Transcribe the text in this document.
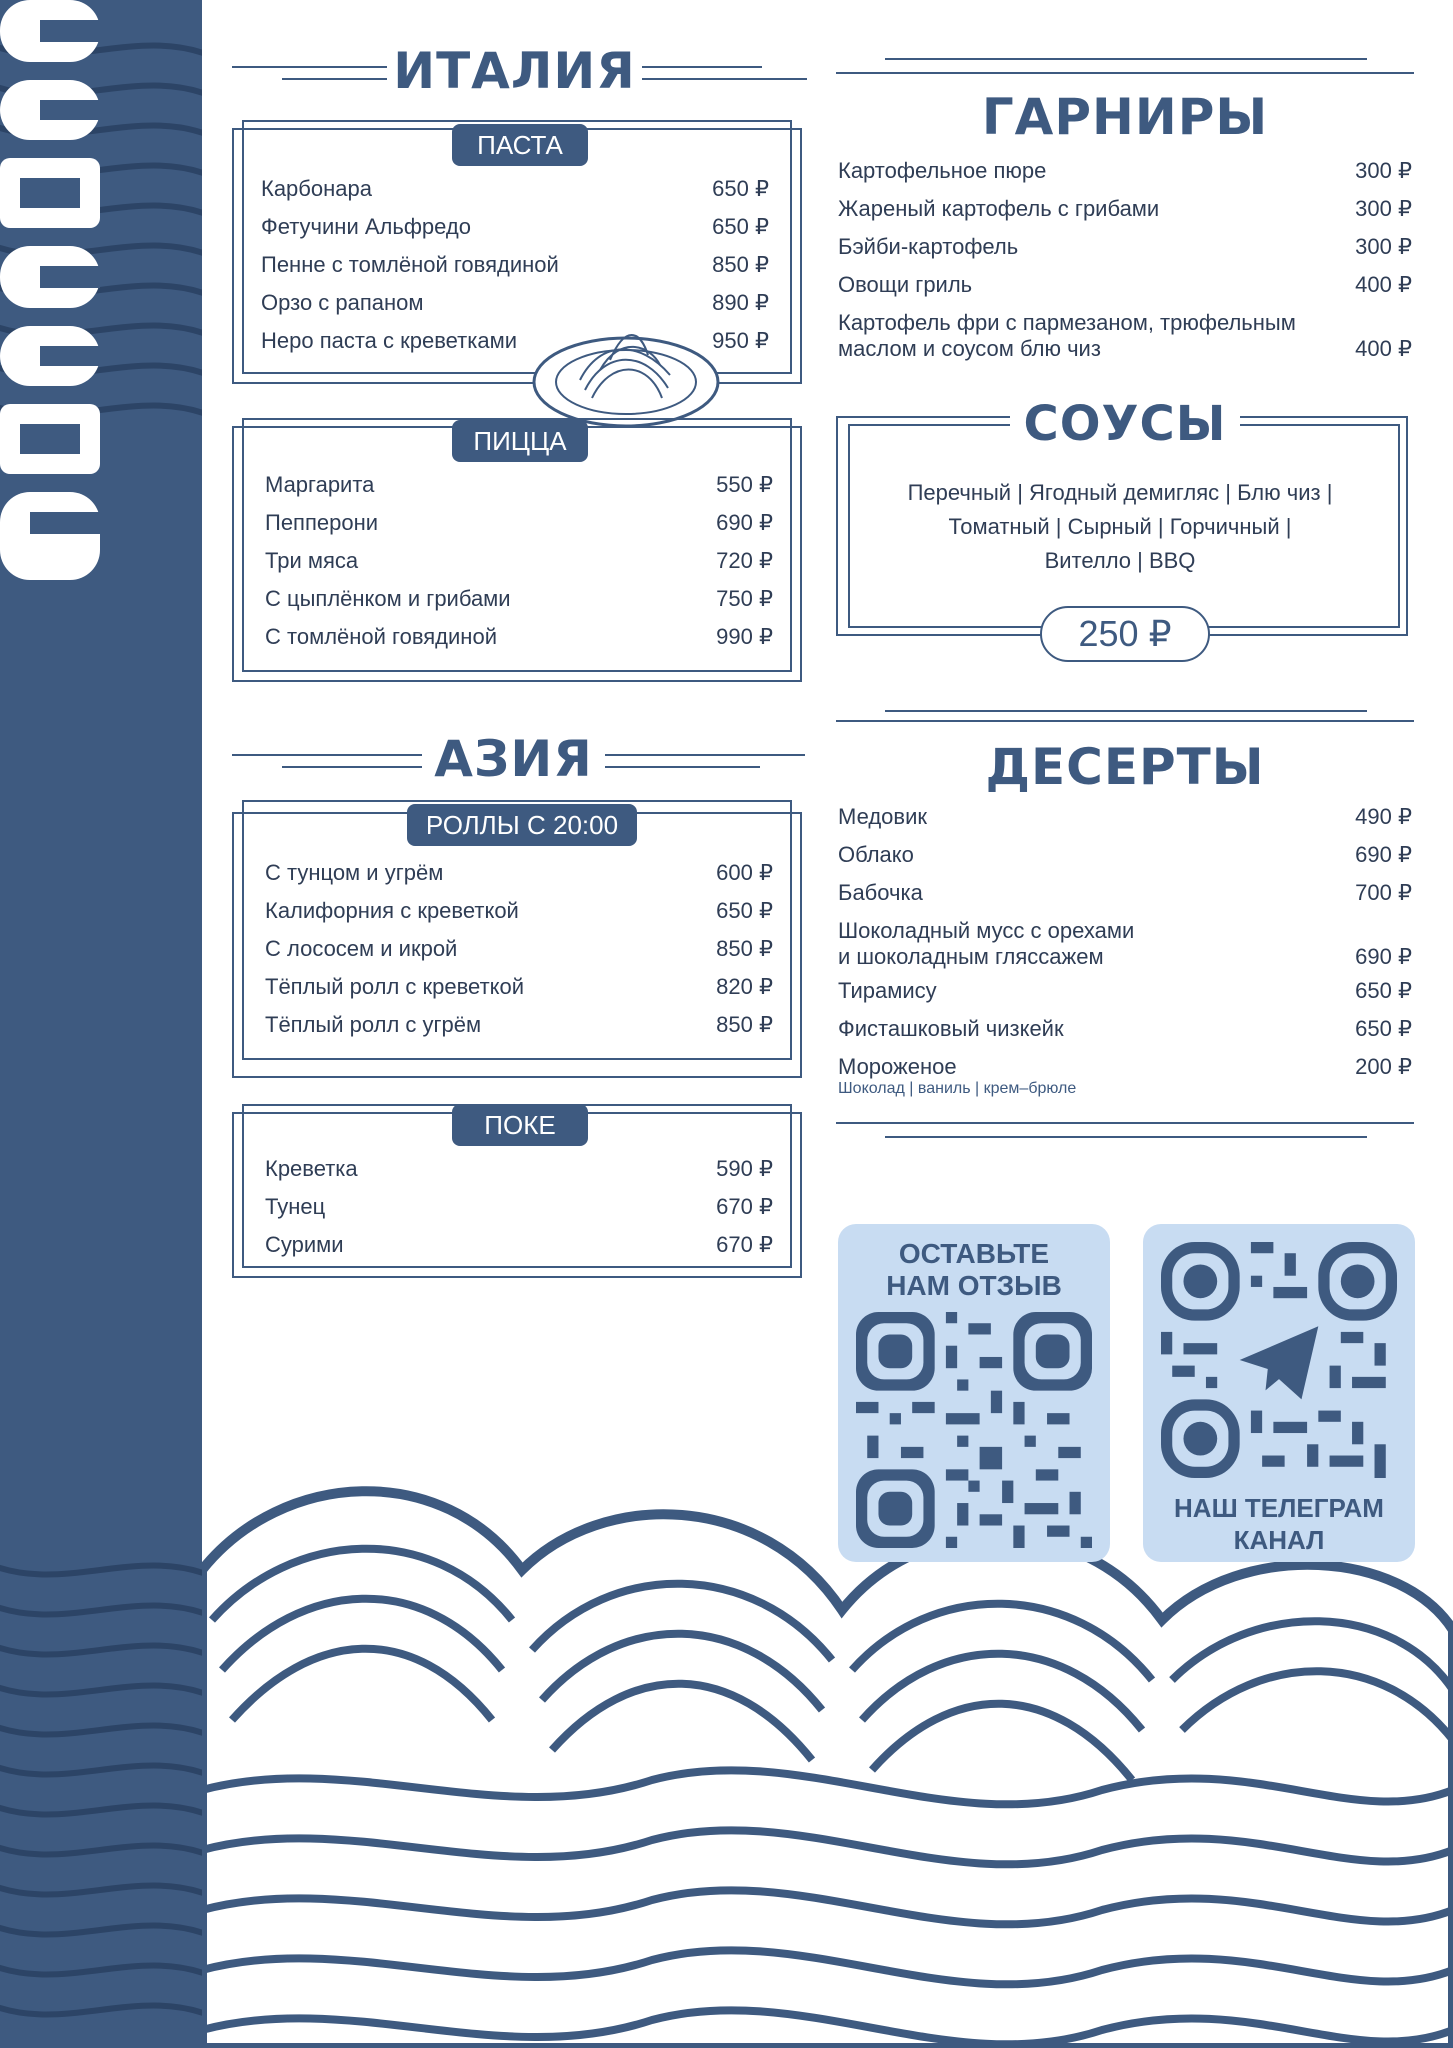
ИТАЛИЯ
ПАСТА
Карбонара	650 ₽
Фетучини Альфредо	650 ₽
Пенне с томлёной говядиной	850 ₽
Орзо с рапаном	890 ₽
Неро паста с креветками	950 ₽
ПИЦЦА
Маргарита	550 ₽
Пепперони	690 ₽
Три мяса	720 ₽
С цыплёнком и грибами	750 ₽
С томлёной говядиной	990 ₽
АЗИЯ
РОЛЛЫ С 20:00
С тунцом и угрём	600 ₽
Калифорния с креветкой	650 ₽
С лососем и икрой	850 ₽
Тёплый ролл с креветкой	820 ₽
Тёплый ролл с угрём	850 ₽
ПОКЕ
Креветка	590 ₽
Тунец	670 ₽
Сурими	670 ₽
ГАРНИРЫ
Картофельное пюре	300 ₽
Жареный картофель с грибами	300 ₽
Бэйби-картофель	300 ₽
Овощи гриль	400 ₽
Картофель фри с пармезаном, трюфельным
маслом и соусом блю чиз	400 ₽
СОУСЫ
Перечный | Ягодный демигляс | Блю чиз |
Томатный | Сырный | Горчичный |
Вителло | BBQ
250 ₽
ДЕСЕРТЫ
Медовик	490 ₽
Облако	690 ₽
Бабочка	700 ₽
Шоколадный мусс с орехами
и шоколадным гляссажем	690 ₽
Тирамису	650 ₽
Фисташковый чизкейк	650 ₽
Мороженое	200 ₽
Шоколад | ваниль | крем–брюле
ОСТАВЬТЕ
НАМ ОТЗЫВ
НАШ ТЕЛЕГРАМ
КАНАЛ
